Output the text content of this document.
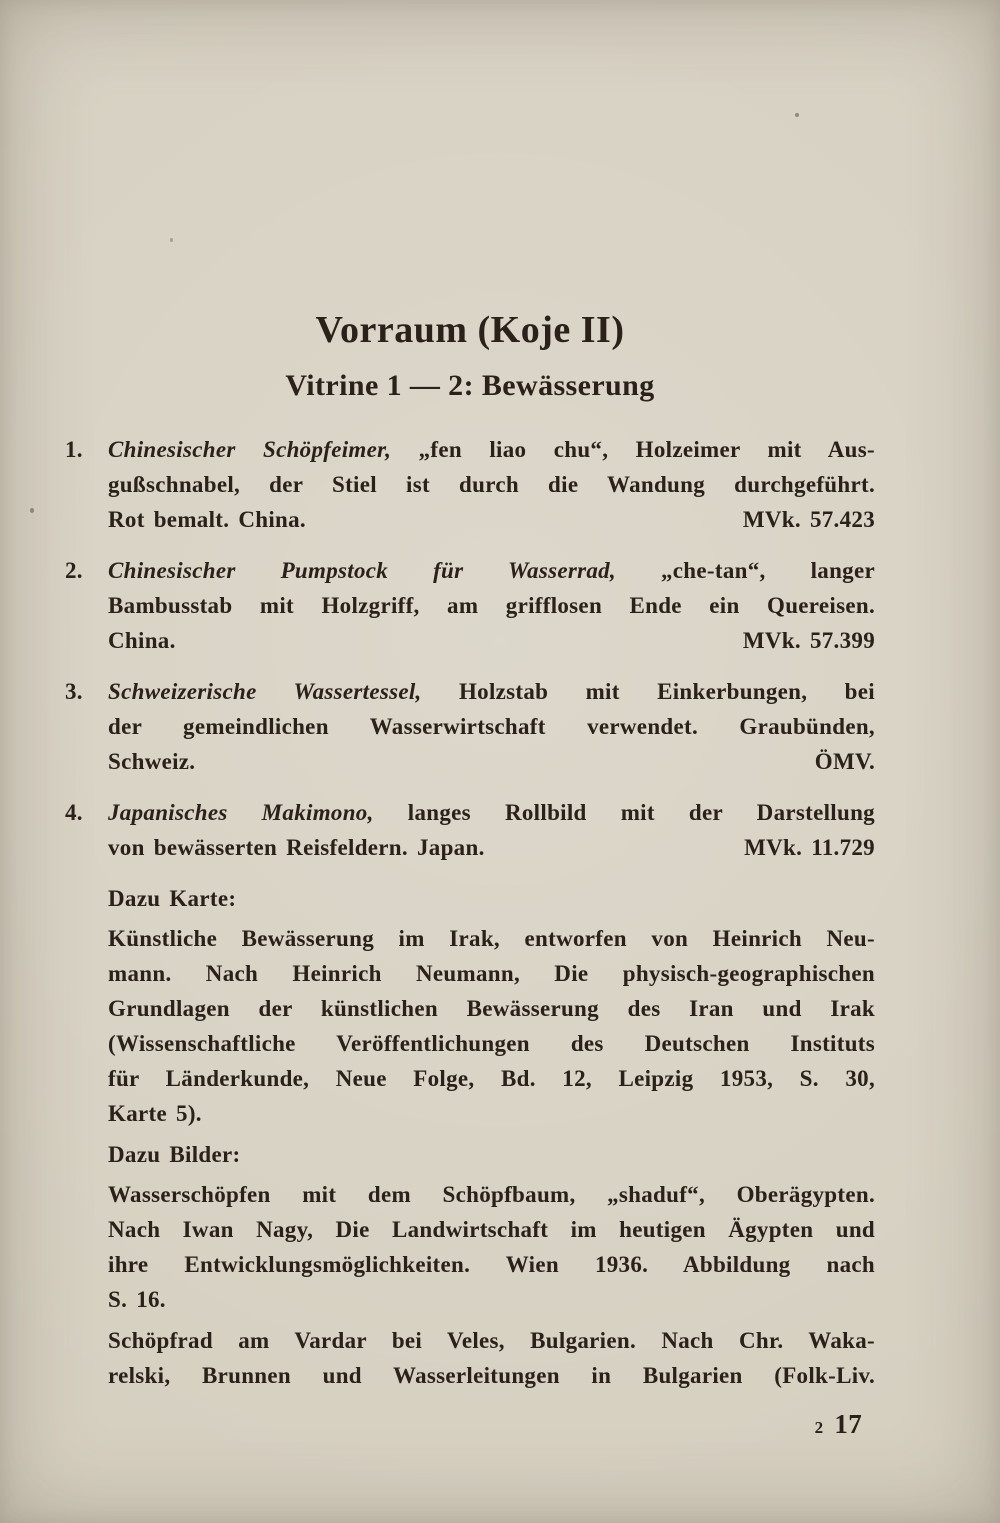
Vorraum (Koje II)
Vitrine 1 — 2: Bewässerung
1.	Chinesischer Schöpfeimer, „fen liao chu“, Holzeimer mit Aus-
gußschnabel, der Stiel ist durch die Wandung durchgeführt.
Rot bemalt. China.	MVk. 57.423
2.	Chinesischer Pumpstock für Wasserrad, „che-tan“, langer
Bambusstab mit Holzgriff, am grifflosen Ende ein Quereisen.
China.	MVk. 57.399
3.	Schweizerische Wassertessel, Holzstab mit Einkerbungen, bei
der gemeindlichen Wasserwirtschaft verwendet. Graubünden,
Schweiz.	ÖMV.
4.	Japanisches Makimono, langes Rollbild mit der Darstellung
von bewässerten Reisfeldern. Japan.	MVk. 11.729
Dazu Karte:
Künstliche Bewässerung im Irak, entworfen von Heinrich Neu-
mann. Nach Heinrich Neumann, Die physisch-geographischen
Grundlagen der künstlichen Bewässerung des Iran und Irak
(Wissenschaftliche Veröffentlichungen des Deutschen Instituts
für Länderkunde, Neue Folge, Bd. 12, Leipzig 1953, S. 30,
Karte 5).
Dazu Bilder:
Wasserschöpfen mit dem Schöpfbaum, „shaduf“, Oberägypten.
Nach Iwan Nagy, Die Landwirtschaft im heutigen Ägypten und
ihre Entwicklungsmöglichkeiten. Wien 1936. Abbildung nach
S. 16.
Schöpfrad am Vardar bei Veles, Bulgarien. Nach Chr. Waka-
relski, Brunnen und Wasserleitungen in Bulgarien (Folk-Liv.
2 17
